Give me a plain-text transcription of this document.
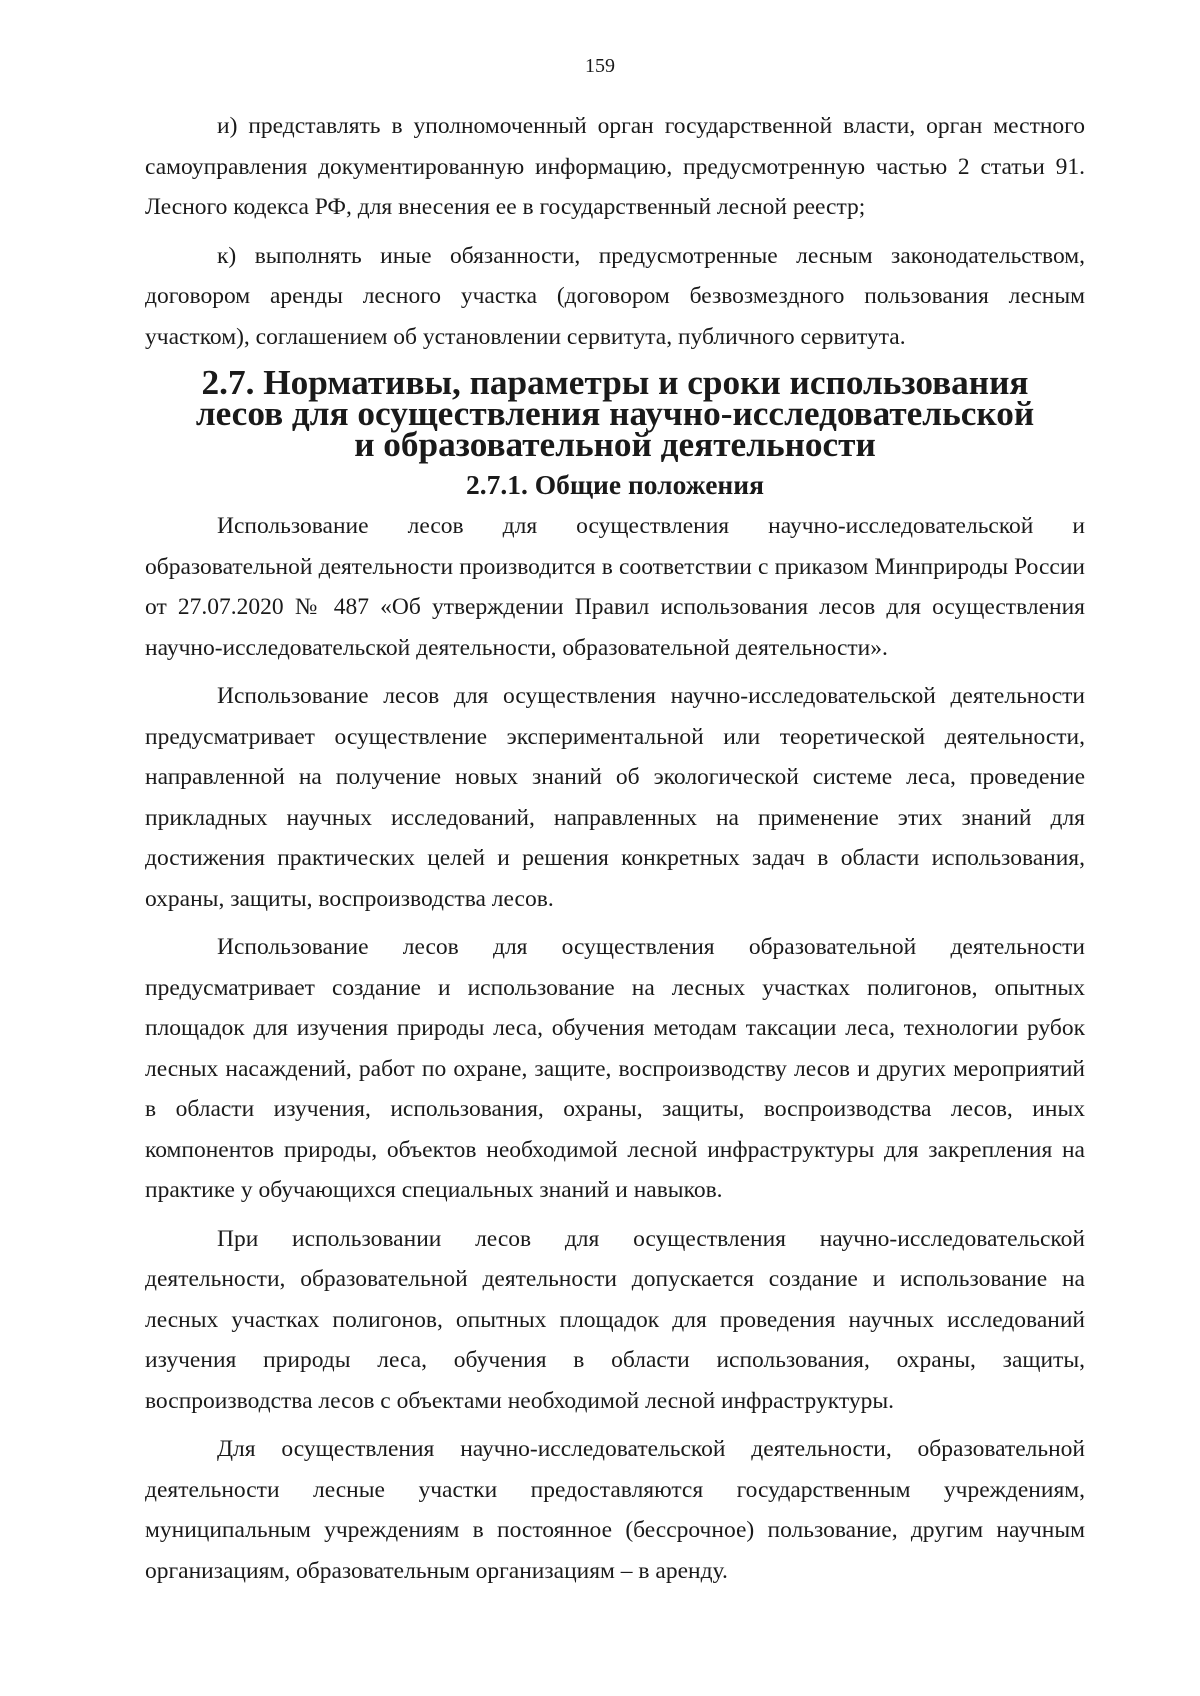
159

и) представлять в уполномоченный орган государственной власти, орган местного самоуправления документированную информацию, предусмотренную частью 2 статьи 91. Лесного кодекса РФ, для внесения ее в государственный лесной реестр;

к) выполнять иные обязанности, предусмотренные лесным законодательством, договором аренды лесного участка (договором безвозмездного пользования лесным участком), соглашением об установлении сервитута, публичного сервитута.

2.7. Нормативы, параметры и сроки использования лесов для осуществления научно-исследовательской и образовательной деятельности
2.7.1. Общие положения

Использование лесов для осуществления научно-исследовательской и образовательной деятельности производится в соответствии с приказом Минприроды России от 27.07.2020 № 487 «Об утверждении Правил использования лесов для осуществления научно-исследовательской деятельности, образовательной деятельности».

Использование лесов для осуществления научно-исследовательской деятельности предусматривает осуществление экспериментальной или теоретической деятельности, направленной на получение новых знаний об экологической системе леса, проведение прикладных научных исследований, направленных на применение этих знаний для достижения практических целей и решения конкретных задач в области использования, охраны, защиты, воспроизводства лесов.

Использование лесов для осуществления образовательной деятельности предусматривает создание и использование на лесных участках полигонов, опытных площадок для изучения природы леса, обучения методам таксации леса, технологии рубок лесных насаждений, работ по охране, защите, воспроизводству лесов и других мероприятий в области изучения, использования, охраны, защиты, воспроизводства лесов, иных компонентов природы, объектов необходимой лесной инфраструктуры для закрепления на практике у обучающихся специальных знаний и навыков.

При использовании лесов для осуществления научно-исследовательской деятельности, образовательной деятельности допускается создание и использование на лесных участках полигонов, опытных площадок для проведения научных исследований изучения природы леса, обучения в области использования, охраны, защиты, воспроизводства лесов с объектами необходимой лесной инфраструктуры.

Для осуществления научно-исследовательской деятельности, образовательной деятельности лесные участки предоставляются государственным учреждениям, муниципальным учреждениям в постоянное (бессрочное) пользование, другим научным организациям, образовательным организациям – в аренду.
